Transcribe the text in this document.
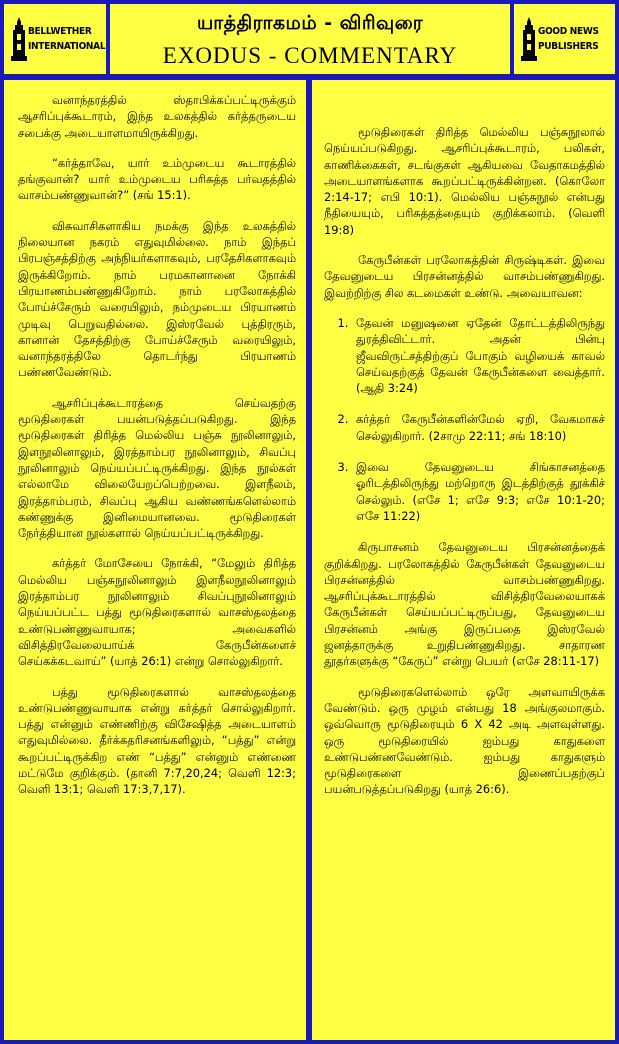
BELLWETHER
INTERNATIONAL
யாத்திராகமம் - விரிவுரை
EXODUS - COMMENTARY
GOOD NEWS
PUBLISHERS

வனாந்தரத்தில் ஸ்தாபிக்கப்பட்டிருக்கும் ஆசரிப்புக்கூடாரம், இந்த உலகத்தில் கர்த்தருடைய சபைக்கு அடையாளமாயிருக்கிறது.

“கர்த்தாவே, யார் உம்முடைய கூடாரத்தில் தங்குவான்? யார் உம்முடைய பரிசுத்த பர்வதத்தில் வாசம்பண்ணுவான்?” (சங் 15:1).

விசுவாசிகளாகிய நமக்கு இந்த உலகத்தில் நிலையான நகரம் எதுவுமில்லை. நாம் இந்தப் பிரபஞ்சத்திற்கு அந்நியர்களாகவும், பரதேசிகளாகவும் இருக்கிறோம். நாம் பரமகானானை நோக்கி பிரயாணம்பண்ணுகிறோம். நாம் பரலோகத்தில் போய்ச்சேரும் வரையிலும், நம்முடைய பிரயாணம் முடிவு பெறுவதில்லை. இஸ்ரவேல் புத்திரரும், கானான் தேசத்திற்கு போய்ச்சேரும் வரையிலும், வனாந்தரத்திலே தொடர்ந்து பிரயாணம் பண்ணவேண்டும்.

ஆசரிப்புக்கூடாரத்தை செய்வதற்கு மூடுதிரைகள் பயன்படுத்தப்படுகிறது. இந்த மூடுதிரைகள் திரித்த மெல்லிய பஞ்சு நூலினாலும், இளநூலினாலும், இரத்தாம்பர நூலினாலும், சிவப்பு நூலினாலும் நெய்யப்பட்டிருக்கிறது. இந்த நூல்கள் எல்லாமே விலையேறப்பெற்றவை. இளநீலம், இரத்தாம்பரம், சிவப்பு ஆகிய வண்ணங்களெல்லாம் கண்ணுக்கு இனிமையானவை. மூடுதிரைகள் நேர்த்தியான நூல்களால் நெய்யப்பட்டிருக்கிறது.

கர்த்தர் மோசேயை நோக்கி, “மேலும் திரித்த மெல்லிய பஞ்சுநூலினாலும் இளநீலநூலினாலும் இரத்தாம்பர நூலினாலும் சிவப்புநூலினாலும் நெய்யப்பட்ட பத்து மூடுதிரைகளால் வாசஸ்தலத்தை உண்டுபண்ணுவாயாக; அவைகளில் விசித்திரவேலையாய்க் கேருபீன்களைச் செய்கக்கடவாய்” (யாத் 26:1) என்று சொல்லுகிறார்.

பத்து மூடுதிரைகளால் வாசஸ்தலத்தை உண்டுபண்ணுவாயாக என்று கர்த்தர் சொல்லுகிறார். பத்து என்னும் எண்ணிற்கு விசேஷித்த அடையாளம் எதுவுமில்லை. தீர்க்கதரிசனங்களிலும், “பத்து” என்று கூறப்பட்டிருக்கிற எண் “பத்து” என்னும் எண்ணை மட்டுமே குறிக்கும். (தானி 7:7,20,24; வெளி 12:3; வெளி 13:1; வெளி 17:3,7,17).

மூடுதிரைகள் திரித்த மெல்லிய பஞ்சுநூலால் நெய்யப்படுகிறது. ஆசரிப்புக்கூடாரம், பலிகள், காணிக்கைகள், சடங்குகள் ஆகியவை வேதாகமத்தில் அடையாளங்களாக கூறப்பட்டிருக்கின்றன. (கொலோ 2:14-17; எபி 10:1). மெல்லிய பஞ்சுநூல் என்பது நீதியையும், பரிசுத்தத்தையும் குறிக்கலாம். (வெளி 19:8)

கேருபீன்கள் பரலோகத்தின் சிருஷ்டிகள். இவை தேவனுடைய பிரசன்னத்தில் வாசம்பண்ணுகிறது. இவற்றிற்கு சில கடமைகள் உண்டு. அவையாவன:

1. தேவன் மனுஷனை ஏதேன் தோட்டத்திலிருந்து துரத்திவிட்டார். அதன் பின்பு ஜீவவிருட்சத்திற்குப் போகும் வழியைக் காவல் செய்வதற்குத் தேவன் கேருபீன்களை வைத்தார். (ஆதி 3:24)
2. கர்த்தர் கேருபீன்களின்மேல் ஏறி, வேகமாகச் செல்லுகிறார். (2சாமு 22:11; சங் 18:10)
3. இவை தேவனுடைய சிங்காசனத்தை ஓரிடத்திலிருந்து மற்றொரு இடத்திற்குத் தூக்கிச் செல்லும். (எசே 1; எசே 9:3; எசே 10:1-20; எசே 11:22)

கிருபாசனம் தேவனுடைய பிரசன்னத்தைக் குறிக்கிறது. பரலோகத்தில் கேருபீன்கள் தேவனுடைய பிரசன்னத்தில் வாசம்பண்ணுகிறது. ஆசரிப்புக்கூடாரத்தில் விசித்திரவேலையாகக் கேருபீன்கள் செய்யப்பட்டிருப்பது, தேவனுடைய பிரசன்னம் அங்கு இருப்பதை இஸ்ரவேல் ஜனத்தாருக்கு உறுதிபண்ணுகிறது. சாதாரண தூதர்களுக்கு “கேருப்” என்று பெயர் (எசே 28:11-17)

மூடுதிரைகளெல்லாம் ஒரே அளவாயிருக்க வேண்டும். ஒரு முழம் என்பது 18 அங்குலமாகும். ஒவ்வொரு மூடுதிரையும் 6 X 42 அடி அளவுள்ளது. ஒரு மூடுதிரையில் ஐம்பது காதுகளை உண்டுபண்ணவேண்டும். ஐம்பது காதுகளும் மூடுதிரைகளை இணைப்பதற்குப் பயன்படுத்தப்படுகிறது (யாத் 26:6).
